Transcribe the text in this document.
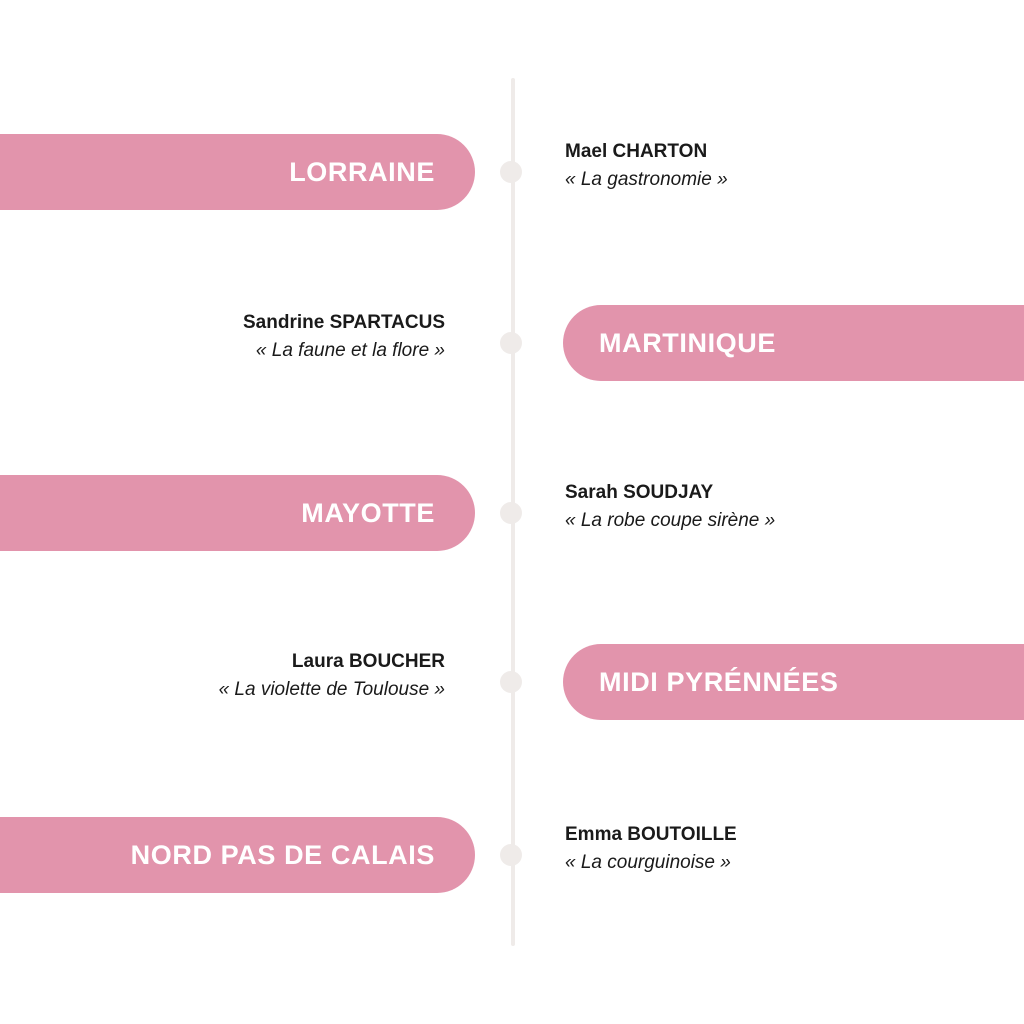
LORRAINE
Mael CHARTON
« La gastronomie »
Sandrine SPARTACUS
« La faune et la flore »	MARTINIQUE
MAYOTTE
Sarah SOUDJAY
« La robe coupe sirène »
Laura BOUCHER
« La violette de Toulouse »	MIDI PYRÉNNÉES
NORD PAS DE CALAIS
Emma BOUTOILLE
« La courguinoise »
